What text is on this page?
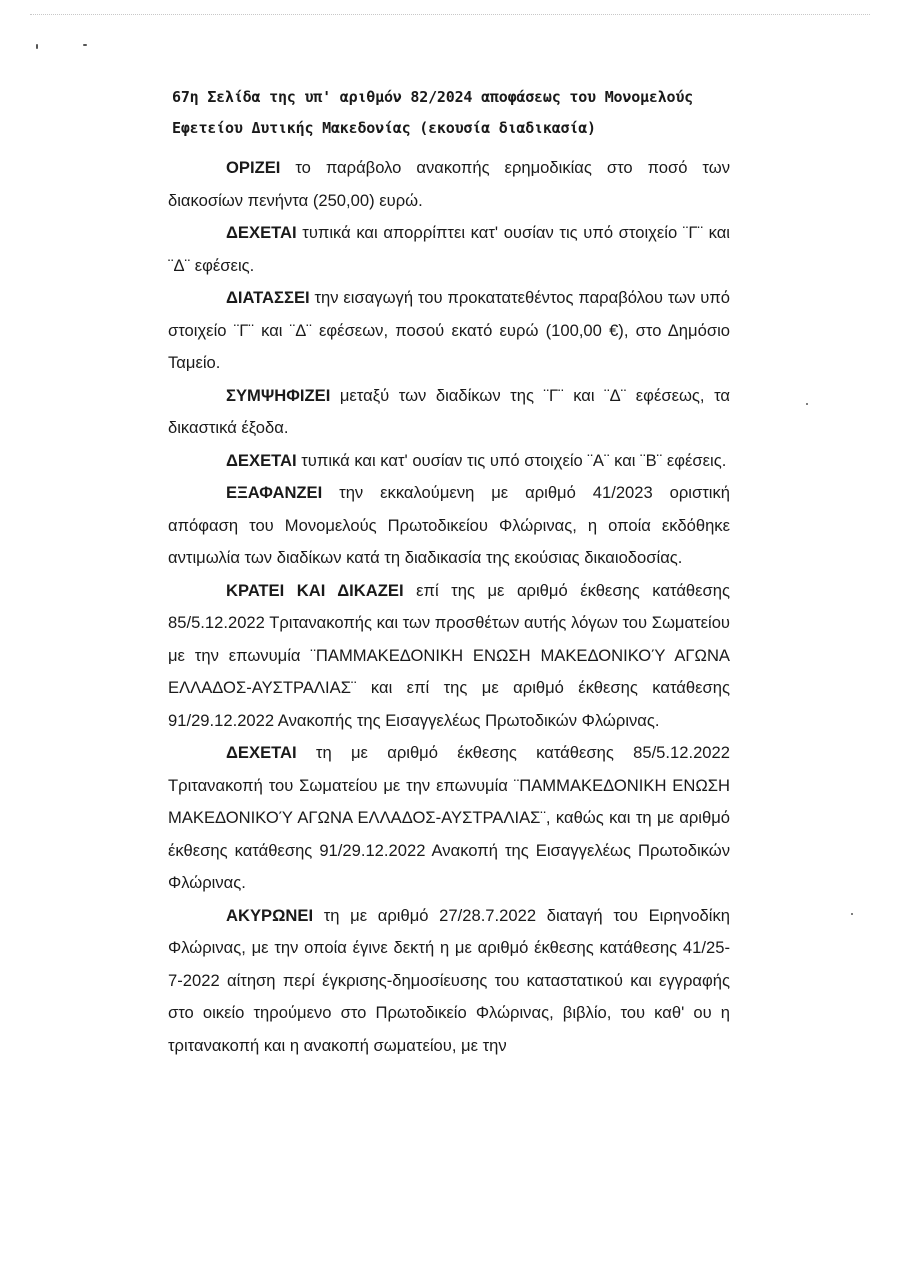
67η Σελίδα της υπ' αριθμόν 82/2024 αποφάσεως του Μονομελούς

Εφετείου Δυτικής Μακεδονίας (εκουσία διαδικασία)

ΟΡΙΖΕΙ το παράβολο ανακοπής ερημοδικίας στο ποσό των διακοσίων πενήντα (250,00) ευρώ.

ΔΕΧΕΤΑΙ τυπικά και απορρίπτει κατ' ουσίαν τις υπό στοιχείο ¨Γ¨ και ¨Δ¨ εφέσεις.

ΔΙΑΤΑΣΣΕΙ την εισαγωγή του προκατατεθέντος παραβόλου των υπό στοιχείο ¨Γ¨ και ¨Δ¨ εφέσεων, ποσού εκατό ευρώ (100,00 €), στο Δημόσιο Ταμείο.

ΣΥΜΨΗΦΙΖΕΙ μεταξύ των διαδίκων της ¨Γ¨ και ¨Δ¨ εφέσεως, τα δικαστικά έξοδα.

ΔΕΧΕΤΑΙ τυπικά και κατ' ουσίαν τις υπό στοιχείο ¨Α¨ και ¨Β¨ εφέσεις.

ΕΞΑΦΑΝΖΕΙ την εκκαλούμενη με αριθμό 41/2023 οριστική απόφαση του Μονομελούς Πρωτοδικείου Φλώρινας, η οποία εκδόθηκε αντιμωλία των διαδίκων κατά τη διαδικασία της εκούσιας δικαιοδοσίας.

ΚΡΑΤΕΙ ΚΑΙ ΔΙΚΑΖΕΙ επί της με αριθμό έκθεσης κατάθεσης 85/5.12.2022 Τριτανακοπής και των προσθέτων αυτής λόγων του Σωματείου με την επωνυμία ¨ΠΑΜΜΑΚΕΔΟΝΙΚΗ ΕΝΩΣΗ ΜΑΚΕΔΟΝΙΚΟΎ ΑΓΩΝΑ ΕΛΛΑΔΟΣ-ΑΥΣΤΡΑΛΙΑΣ¨ και επί της με αριθμό έκθεσης κατάθεσης 91/29.12.2022 Ανακοπής της Εισαγγελέως Πρωτοδικών Φλώρινας.

ΔΕΧΕΤΑΙ τη με αριθμό έκθεσης κατάθεσης 85/5.12.2022 Τριτανακοπή του Σωματείου με την επωνυμία ¨ΠΑΜΜΑΚΕΔΟΝΙΚΗ ΕΝΩΣΗ ΜΑΚΕΔΟΝΙΚΟΎ ΑΓΩΝΑ ΕΛΛΑΔΟΣ-ΑΥΣΤΡΑΛΙΑΣ¨, καθώς και τη με αριθμό έκθεσης κατάθεσης 91/29.12.2022 Ανακοπή της Εισαγγελέως Πρωτοδικών Φλώρινας.

ΑΚΥΡΩΝΕΙ τη με αριθμό 27/28.7.2022 διαταγή του Ειρηνοδίκη Φλώρινας, με την οποία έγινε δεκτή η με αριθμό έκθεσης κατάθεσης 41/25-7-2022 αίτηση περί έγκρισης-δημοσίευσης του καταστατικού και εγγραφής στο οικείο τηρούμενο στο Πρωτοδικείο Φλώρινας, βιβλίο, του καθ' ου η τριτανακοπή και η ανακοπή σωματείου, με την
